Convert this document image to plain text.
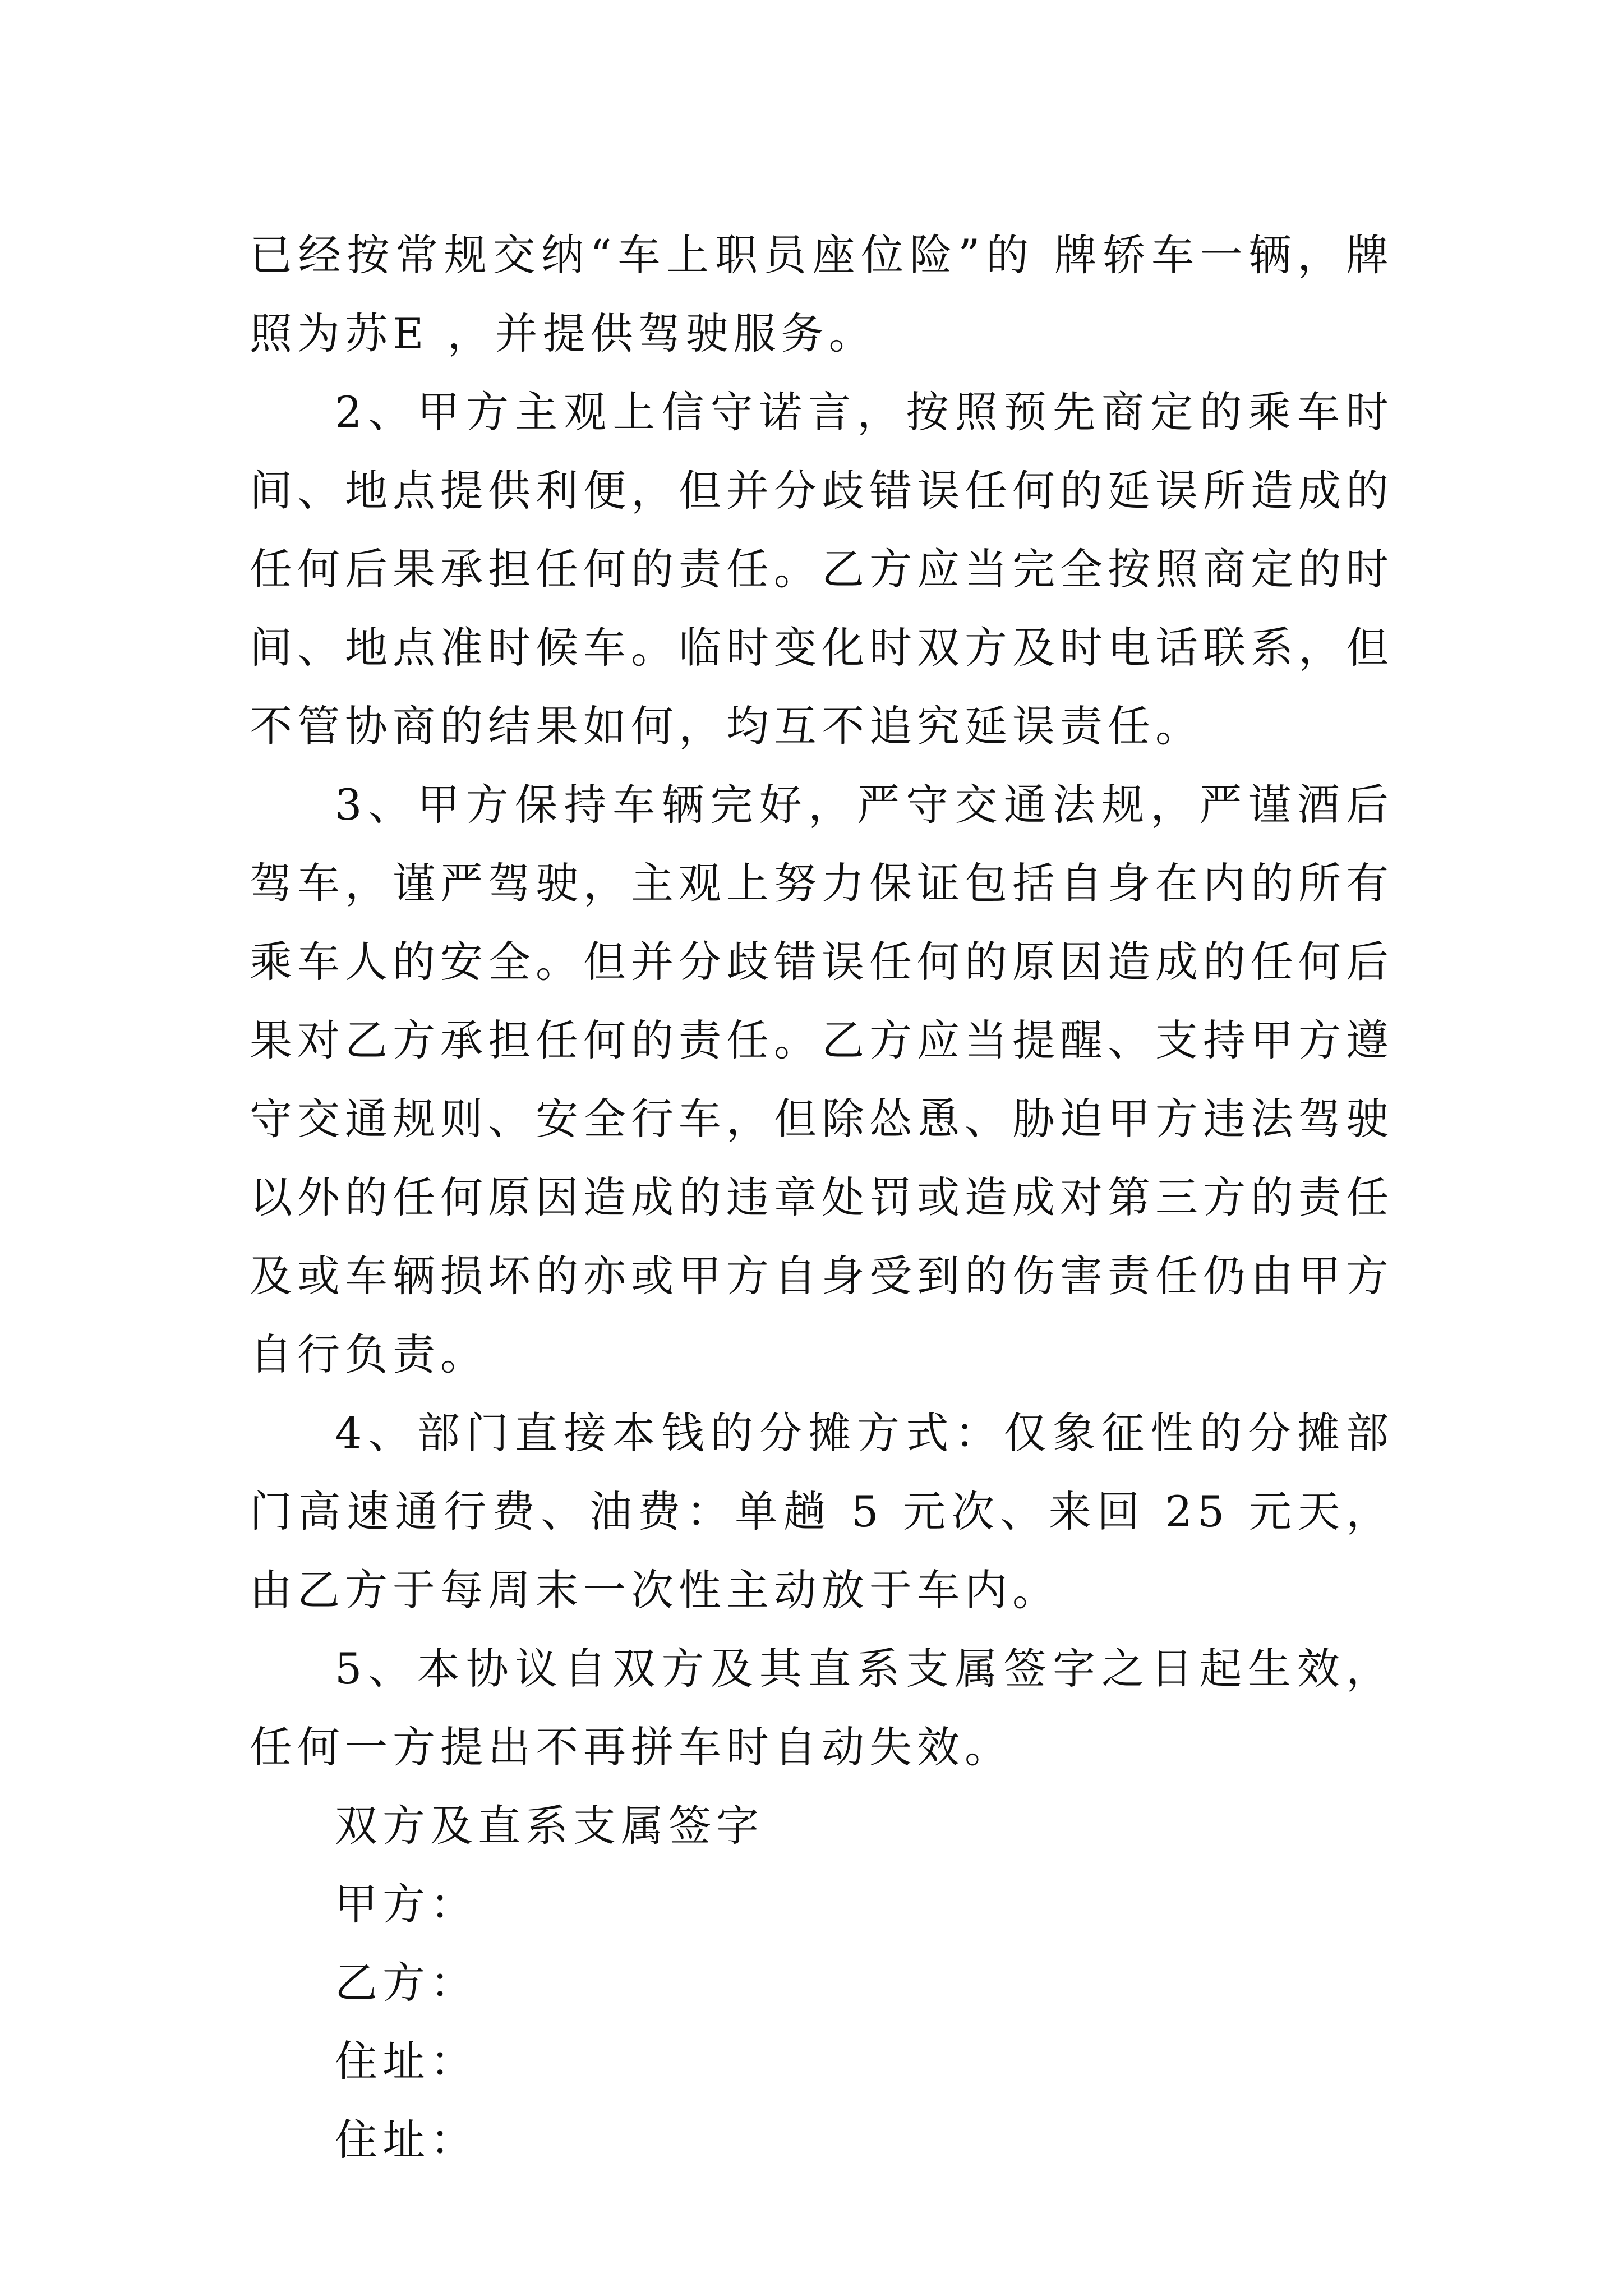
已经按常规交纳“车上职员座位险”的 牌轿车一辆，牌照为苏E ，并提供驾驶服务。

2、甲方主观上信守诺言，按照预先商定的乘车时间、地点提供利便，但并分歧错误任何的延误所造成的任何后果承担任何的责任。乙方应当完全按照商定的时间、地点准时候车。临时变化时双方及时电话联系，但不管协商的结果如何，均互不追究延误责任。

3、甲方保持车辆完好，严守交通法规，严谨酒后驾车，谨严驾驶，主观上努力保证包括自身在内的所有乘车人的安全。但并分歧错误任何的原因造成的任何后果对乙方承担任何的责任。乙方应当提醒、支持甲方遵守交通规则、安全行车，但除怂恿、胁迫甲方违法驾驶以外的任何原因造成的违章处罚或造成对第三方的责任及或车辆损坏的亦或甲方自身受到的伤害责任仍由甲方自行负责。

4、部门直接本钱的分摊方式：仅象征性的分摊部门高速通行费、油费：单趟 5 元次、来回 25 元天，由乙方于每周末一次性主动放于车内。

5、本协议自双方及其直系支属签字之日起生效，任何一方提出不再拼车时自动失效。

双方及直系支属签字

甲方：

乙方：

住址：

住址：
